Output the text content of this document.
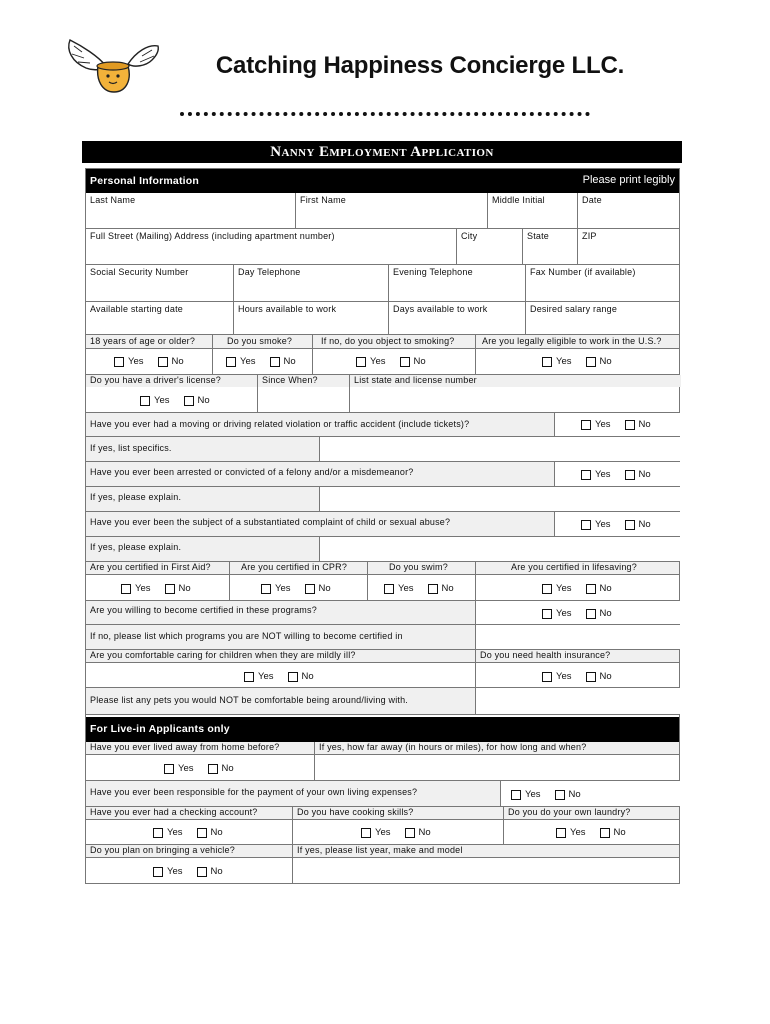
Catching Happiness Concierge LLC.
Nanny Employment Application
Personal Information	Please print legibly
Last Name	First Name	Middle Initial	Date
Full Street (Mailing) Address (including apartment number)	City	State	ZIP
Social Security Number	Day Telephone	Evening Telephone	Fax Number (if available)
Available starting date	Hours available to work	Days available to work	Desired salary range
18 years of age or older?	Do you smoke?	If no, do you object to smoking?	Are you legally eligible to work in the U.S.?
Yes	No	Yes	No	Yes	No	Yes	No
Do you have a driver's license?
Yes	No
Since When?	List state and license number
Have you ever had a moving or driving related violation or traffic accident (include tickets)?	Yes	No
If yes, list specifics.
Have you ever been arrested or convicted of a felony and/or a misdemeanor?	Yes	No
If yes, please explain.
Have you ever been the subject of a substantiated complaint of child or sexual abuse?	Yes	No
If yes, please explain.
Are you certified in First Aid?	Are you certified in CPR?	Do you swim?	Are you certified in lifesaving?
Yes	No	Yes	No	Yes	No	Yes	No
Are you willing to become certified in these programs?	Yes	No
If no, please list which programs you are NOT willing to become certified in
Are you comfortable caring for children when they are mildly ill?	Do you need health insurance?
Yes	No	Yes	No
Please list any pets you would NOT be comfortable being around/living with.
For Live-in Applicants only
Have you ever lived away from home before?	If yes, how far away (in hours or miles), for how long and when?
Yes	No
Have you ever been responsible for the payment of your own living expenses?	Yes	No
Have you ever had a checking account?	Do you have cooking skills?	Do you do your own laundry?
Yes	No	Yes	No	Yes	No
Do you plan on bringing a vehicle?	If yes, please list year, make and model
Yes	No
